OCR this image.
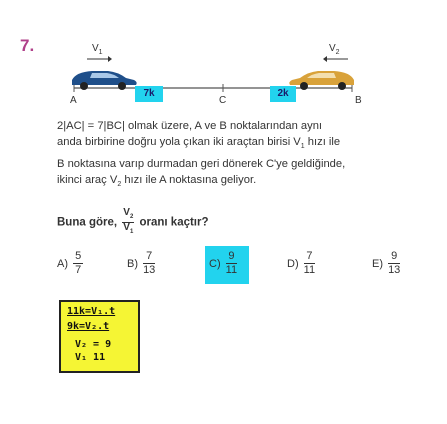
7.	$V_1$	$V_2$
7k	2k
A	C	B
2|AC| = 7|BC| olmak üzere, A ve B noktalarından aynı
anda birbirine doğru yola çıkan iki araçtan birisi $V_1$ hızı ile
B noktasına varıp durmadan geri dönerek C'ye geldiğinde,
ikinci araç $V_2$ hızı ile A noktasına geliyor.
Buna göre, $\frac{V_2}{V_1}$ oranı kaçtır?
$A) \frac{5}{7}$	$B) \frac{7}{13}$	$C) \frac{9}{11}$	$D) \frac{7}{11}$	$E) \frac{9}{13}$
11k=V₁.t
9k=V₂.t
V₂ = 9
V₁ 11
